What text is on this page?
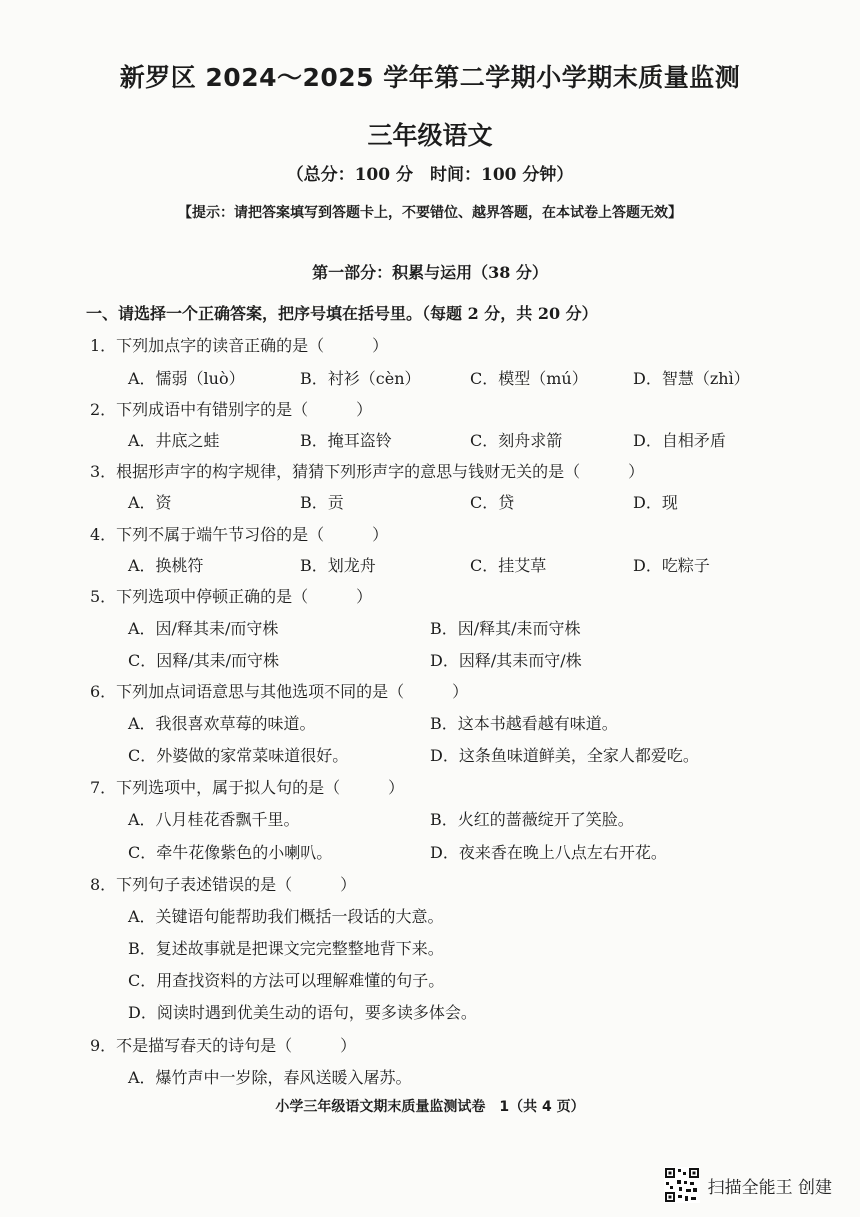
新罗区 2024～2025 学年第二学期小学期末质量监测
三年级语文
（总分：100 分　时间：100 分钟）
【提示：请把答案填写到答题卡上，不要错位、越界答题，在本试卷上答题无效】
第一部分：积累与运用（38 分）
一、请选择一个正确答案，把序号填在括号里。（每题 2 分，共 20 分）
1．下列加点字的读音正确的是（　　　）
A．懦弱（luò）	B．衬衫（cèn）	C．模型（mú）	D．智慧（zhì）
2．下列成语中有错别字的是（　　　）
A．井底之蛙	B．掩耳盗铃	C．刻舟求箭	D．自相矛盾
3．根据形声字的构字规律，猜猜下列形声字的意思与钱财无关的是（　　　）
A．资	B．贡	C．贷	D．现
4．下列不属于端午节习俗的是（　　　）
A．换桃符	B．划龙舟	C．挂艾草	D．吃粽子
5．下列选项中停顿正确的是（　　　）
A．因/释其耒/而守株	B．因/释其/耒而守株
C．因释/其耒/而守株	D．因释/其耒而守/株
6．下列加点词语意思与其他选项不同的是（　　　）
A．我很喜欢草莓的味道。	B．这本书越看越有味道。
C．外婆做的家常菜味道很好。	D．这条鱼味道鲜美，全家人都爱吃。
7．下列选项中，属于拟人句的是（　　　）
A．八月桂花香飘千里。	B．火红的蔷薇绽开了笑脸。
C．牵牛花像紫色的小喇叭。	D．夜来香在晚上八点左右开花。
8．下列句子表述错误的是（　　　）
A．关键语句能帮助我们概括一段话的大意。
B．复述故事就是把课文完完整整地背下来。
C．用查找资料的方法可以理解难懂的句子。
D．阅读时遇到优美生动的语句，要多读多体会。
9．不是描写春天的诗句是（　　　）
A．爆竹声中一岁除，春风送暖入屠苏。
小学三年级语文期末质量监测试卷　1（共 4 页）
扫描全能王 创建
